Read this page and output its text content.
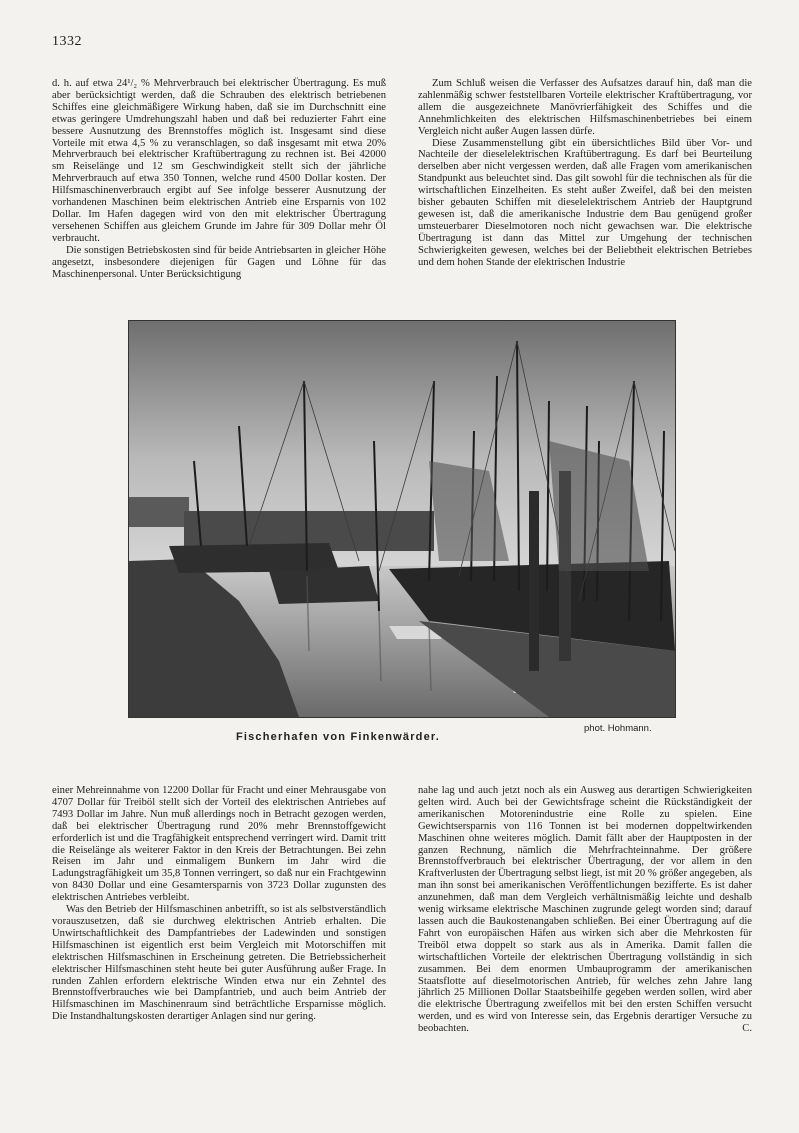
1332

d. h. auf etwa 24¹/₂ % Mehrverbrauch bei elektrischer Übertragung. Es muß aber berücksichtigt werden, daß die Schrauben des elektrisch betriebenen Schiffes eine gleichmäßigere Wirkung haben, daß sie im Durchschnitt eine etwas geringere Umdrehungszahl haben und daß bei reduzierter Fahrt eine bessere Ausnutzung des Brennstoffes möglich ist. Insgesamt sind diese Vorteile mit etwa 4,5 % zu veranschlagen, so daß insgesamt mit etwa 20% Mehrverbrauch bei elektrischer Kraftübertragung zu rechnen ist. Bei 42000 sm Reiselänge und 12 sm Geschwindigkeit stellt sich der jährliche Mehrverbrauch auf etwa 350 Tonnen, welche rund 4500 Dollar kosten. Der Hilfsmaschinenverbrauch ergibt auf See infolge besserer Ausnutzung der vorhandenen Maschinen beim elektrischen Antrieb eine Ersparnis von 102 Dollar. Im Hafen dagegen wird von den mit elektrischer Übertragung versehenen Schiffen aus gleichem Grunde im Jahre für 309 Dollar mehr Öl verbraucht.

Die sonstigen Betriebskosten sind für beide Antriebsarten in gleicher Höhe angesetzt, insbesondere diejenigen für Gagen und Löhne für das Maschinenpersonal. Unter Berücksichtigung

Zum Schluß weisen die Verfasser des Aufsatzes darauf hin, daß man die zahlenmäßig schwer feststellbaren Vorteile elektrischer Kraftübertragung, vor allem die ausgezeichnete Manövrierfähigkeit des Schiffes und die Annehmlichkeiten des elektrischen Hilfsmaschinenbetriebes bei einem Vergleich nicht außer Augen lassen dürfe.

Diese Zusammenstellung gibt ein übersichtliches Bild über Vor- und Nachteile der dieselelektrischen Kraftübertragung. Es darf bei Beurteilung derselben aber nicht vergessen werden, daß alle Fragen vom amerikanischen Standpunkt aus beleuchtet sind. Das gilt sowohl für die technischen als für die wirtschaftlichen Einzelheiten. Es steht außer Zweifel, daß bei den meisten bisher gebauten Schiffen mit dieselelektrischem Antrieb der Hauptgrund gewesen ist, daß die amerikanische Industrie dem Bau genügend großer umsteuerbarer Dieselmotoren noch nicht gewachsen war. Die elektrische Übertragung ist dann das Mittel zur Umgehung der technischen Schwierigkeiten gewesen, welches bei der Beliebtheit elektrischen Betriebes und dem hohen Stande der elektrischen Industrie

phot. Hohmann.
Fischerhafen von Finkenwärder.

einer Mehreinnahme von 12200 Dollar für Fracht und einer Mehrausgabe von 4707 Dollar für Treiböl stellt sich der Vorteil des elektrischen Antriebes auf 7493 Dollar im Jahre. Nun muß allerdings noch in Betracht gezogen werden, daß bei elektrischer Übertragung rund 20% mehr Brennstoffgewicht erforderlich ist und die Tragfähigkeit entsprechend verringert wird. Damit tritt die Reiselänge als weiterer Faktor in den Kreis der Betrachtungen. Bei zehn Reisen im Jahr und einmaligem Bunkern im Jahr wird die Ladungstragfähigkeit um 35,8 Tonnen verringert, so daß nur ein Frachtgewinn von 8430 Dollar und eine Gesamtersparnis von 3723 Dollar zugunsten des elektrischen Antriebes verbleibt.

Was den Betrieb der Hilfsmaschinen anbetrifft, so ist als selbstverständlich vorauszusetzen, daß sie durchweg elektrischen Antrieb erhalten. Die Unwirtschaftlichkeit des Dampfantriebes der Ladewinden und sonstigen Hilfsmaschinen ist eigentlich erst beim Vergleich mit Motorschiffen mit elektrischen Hilfsmaschinen in Erscheinung getreten. Die Betriebssicherheit elektrischer Hilfsmaschinen steht heute bei guter Ausführung außer Frage. In runden Zahlen erfordern elektrische Winden etwa nur ein Zehntel des Brennstoffverbrauches wie bei Dampfantrieb, und auch beim Antrieb der Hilfsmaschinen im Maschinenraum sind beträchtliche Ersparnisse möglich. Die Instandhaltungskosten derartiger Anlagen sind nur gering.

nahe lag und auch jetzt noch als ein Ausweg aus derartigen Schwierigkeiten gelten wird. Auch bei der Gewichtsfrage scheint die Rückständigkeit der amerikanischen Motorenindustrie eine Rolle zu spielen. Eine Gewichtsersparnis von 116 Tonnen ist bei modernen doppeltwirkenden Maschinen ohne weiteres möglich. Damit fällt aber der Hauptposten in der ganzen Rechnung, nämlich die Mehrfrachteinnahme. Der größere Brennstoffverbrauch bei elektrischer Übertragung, der vor allem in den Kraftverlusten der Übertragung selbst liegt, ist mit 20 % größer angegeben, als man ihn sonst bei amerikanischen Veröffentlichungen bezifferte. Es ist daher anzunehmen, daß man dem Vergleich verhältnismäßig leichte und deshalb wenig wirksame elektrische Maschinen zugrunde gelegt worden sind; darauf lassen auch die Baukostenangaben schließen. Bei einer Übertragung auf die Fahrt von europäischen Häfen aus wirken sich aber die Mehrkosten für Treiböl etwa doppelt so stark aus als in Amerika. Damit fallen die wirtschaftlichen Vorteile der elektrischen Übertragung vollständig in sich zusammen. Bei dem enormen Umbauprogramm der amerikanischen Staatsflotte auf dieselmotorischen Antrieb, für welches zehn Jahre lang jährlich 25 Millionen Dollar Staatsbeihilfe gegeben werden sollen, wird aber die elektrische Übertragung zweifellos mit bei den ersten Schiffen versucht werden, und es wird von Interesse sein, das Ergebnis derartiger Versuche zu beobachten.	C.
